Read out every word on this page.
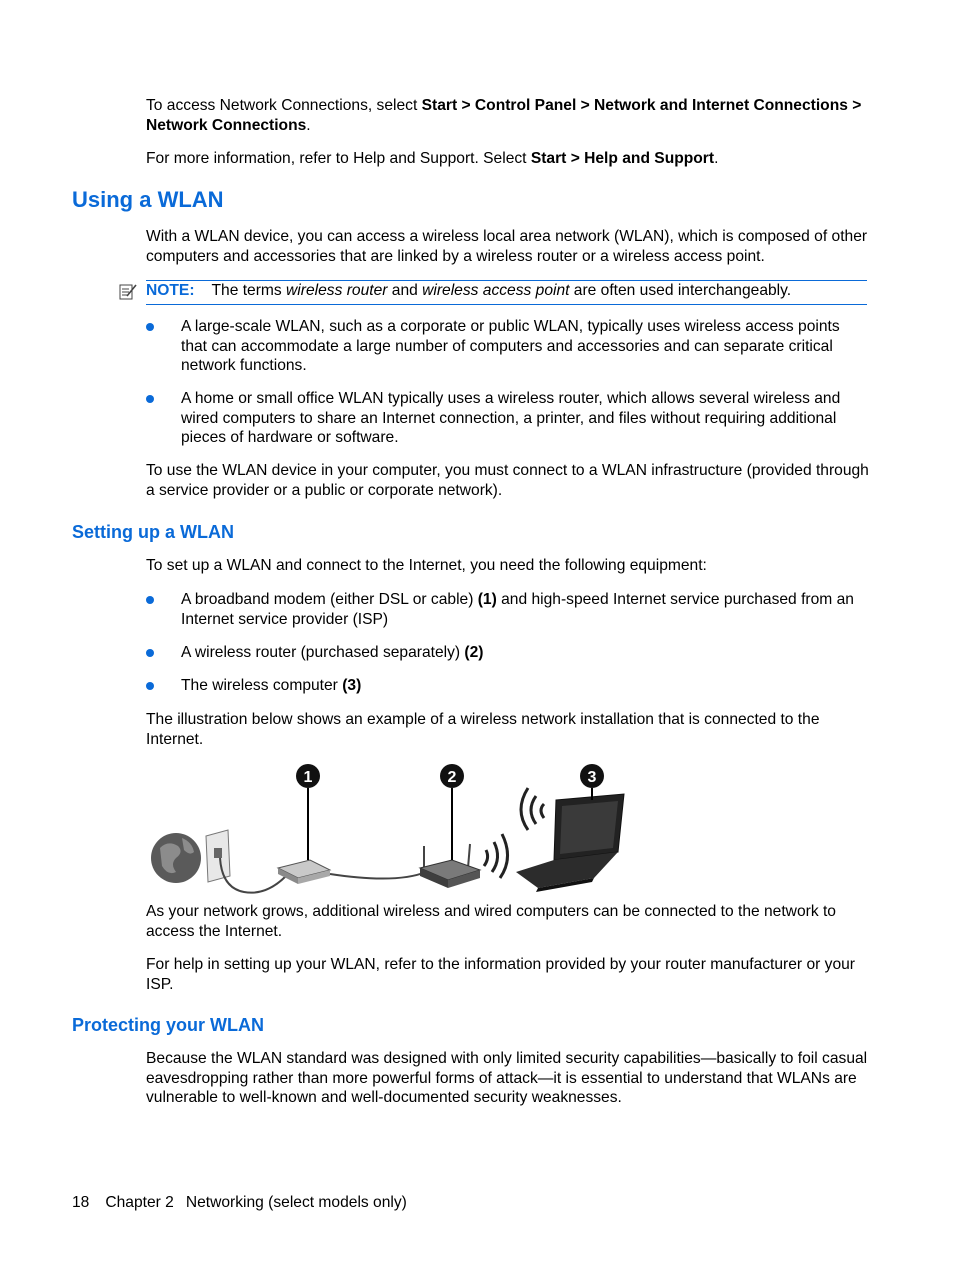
To access Network Connections, select Start > Control Panel > Network and Internet Connections > Network Connections.

For more information, refer to Help and Support. Select Start > Help and Support.

Using a WLAN

With a WLAN device, you can access a wireless local area network (WLAN), which is composed of other computers and accessories that are linked by a wireless router or a wireless access point.

NOTE: The terms wireless router and wireless access point are often used interchangeably.

A large-scale WLAN, such as a corporate or public WLAN, typically uses wireless access points that can accommodate a large number of computers and accessories and can separate critical network functions.

A home or small office WLAN typically uses a wireless router, which allows several wireless and wired computers to share an Internet connection, a printer, and files without requiring additional pieces of hardware or software.

To use the WLAN device in your computer, you must connect to a WLAN infrastructure (provided through a service provider or a public or corporate network).

Setting up a WLAN

To set up a WLAN and connect to the Internet, you need the following equipment:

A broadband modem (either DSL or cable) (1) and high-speed Internet service purchased from an Internet service provider (ISP)

A wireless router (purchased separately) (2)

The wireless computer (3)

The illustration below shows an example of a wireless network installation that is connected to the Internet.

1	2	3

As your network grows, additional wireless and wired computers can be connected to the network to access the Internet.

For help in setting up your WLAN, refer to the information provided by your router manufacturer or your ISP.

Protecting your WLAN

Because the WLAN standard was designed with only limited security capabilities—basically to foil casual eavesdropping rather than more powerful forms of attack—it is essential to understand that WLANs are vulnerable to well-known and well-documented security weaknesses.

18 Chapter 2 Networking (select models only)
